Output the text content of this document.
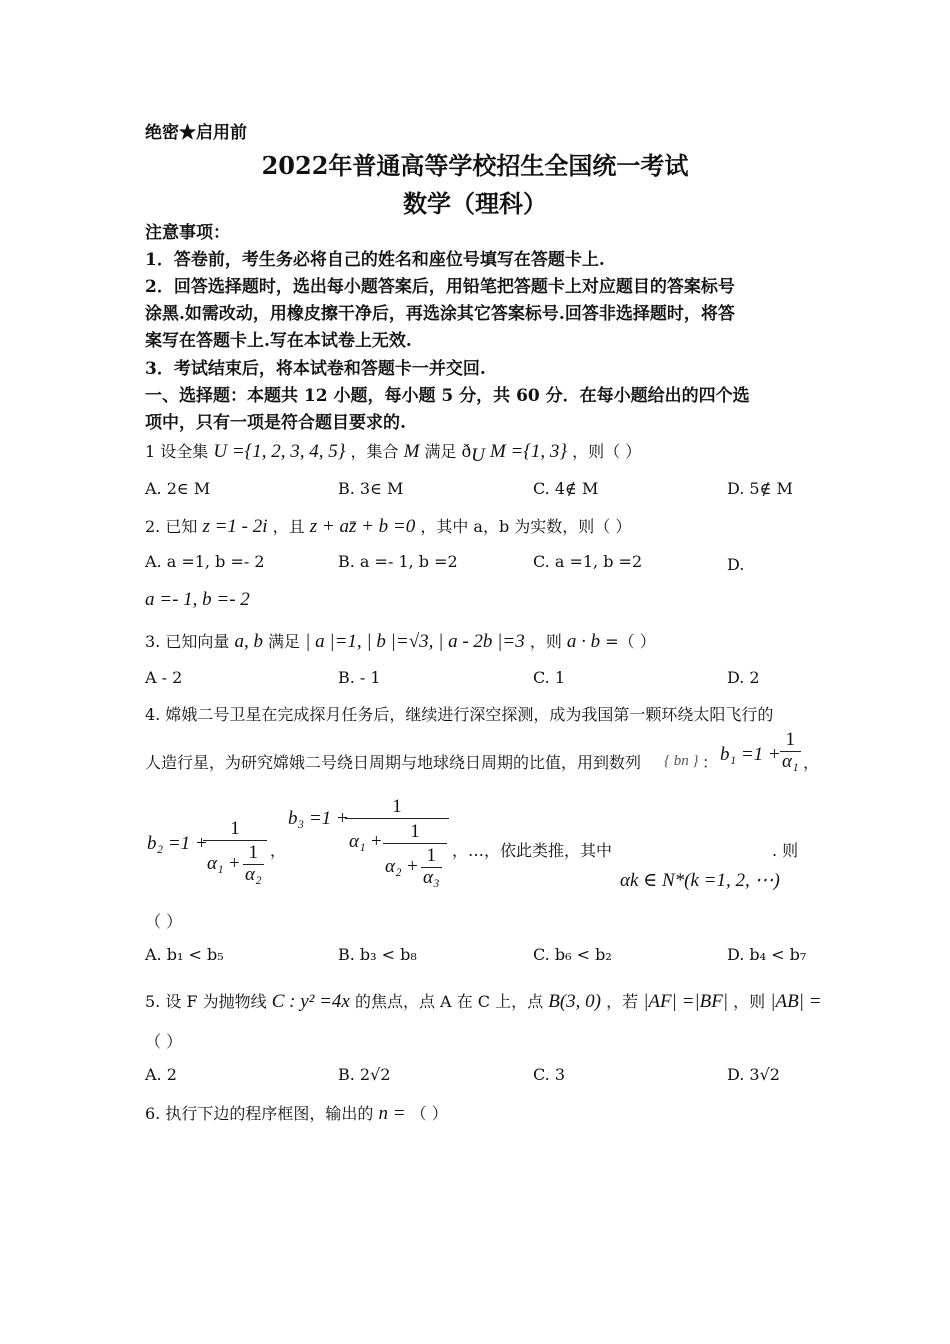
绝密★启用前
2022年普通高等学校招生全国统一考试
数学（理科）
注意事项：
1．答卷前，考生务必将自己的姓名和座位号填写在答题卡上.
2．回答选择题时，选出每小题答案后，用铅笔把答题卡上对应题目的答案标号
涂黑.如需改动，用橡皮擦干净后，再选涂其它答案标号.回答非选择题时，将答
案写在答题卡上.写在本试卷上无效.
3．考试结束后，将本试卷和答题卡一并交回.
一、选择题：本题共 12 小题，每小题 5 分，共 60 分．在每小题给出的四个选
项中，只有一项是符合题目要求的.
1 设全集 U ={1, 2, 3, 4, 5} ，集合 M 满足 $ð_U$ M ={1, 3} ，则（ ）
A. 2∈ M	B. 3∈ M	C. 4∉ M	D. 5∉ M
2. 已知 z =1 - 2i ，且 z + az̄ + b =0 ，其中 a，b 为实数，则（ ）
A. a =1, b =- 2	B. a =- 1, b =2	C. a =1, b =2	D.
a =- 1, b =- 2
3. 已知向量 a, b 满足 | a |=1, | b |=√3, | a - 2b |=3 ，则 a · b =（ ）
A - 2	B. - 1	C. 1	D. 2
4. 嫦娥二号卫星在完成探月任务后，继续进行深空探测，成为我国第一颗环绕太阳飞行的
人造行星，为研究嫦娥二号绕日周期与地球绕日周期的比值，用到数列 { bn } ： $b_1 =1 + \frac{1}{\text{α₁}}$ ，
b₂ =1 +
1
$\alpha_1 + \frac{1}{\text{α₂}}$ ，
b₃ =1 +
1
α₁ +	1
$\alpha_2 + \frac{1}{\text{α₃}}$ ，…，依此类推，其中	. 则
αk ∈ N*(k =1, 2, ⋯)
（ ）
A. b₁ < b₅	B. b₃ < b₈	C. b₆ < b₂	D. b₄ < b₇
5. 设 F 为抛物线 C : y² =4x 的焦点，点 A 在 C 上，点 B(3, 0) ，若 |AF| =|BF| ，则 |AB| =
（ ）
A. 2	B. 2√2	C. 3	D. 3√2
6. 执行下边的程序框图，输出的 n = （ ）
